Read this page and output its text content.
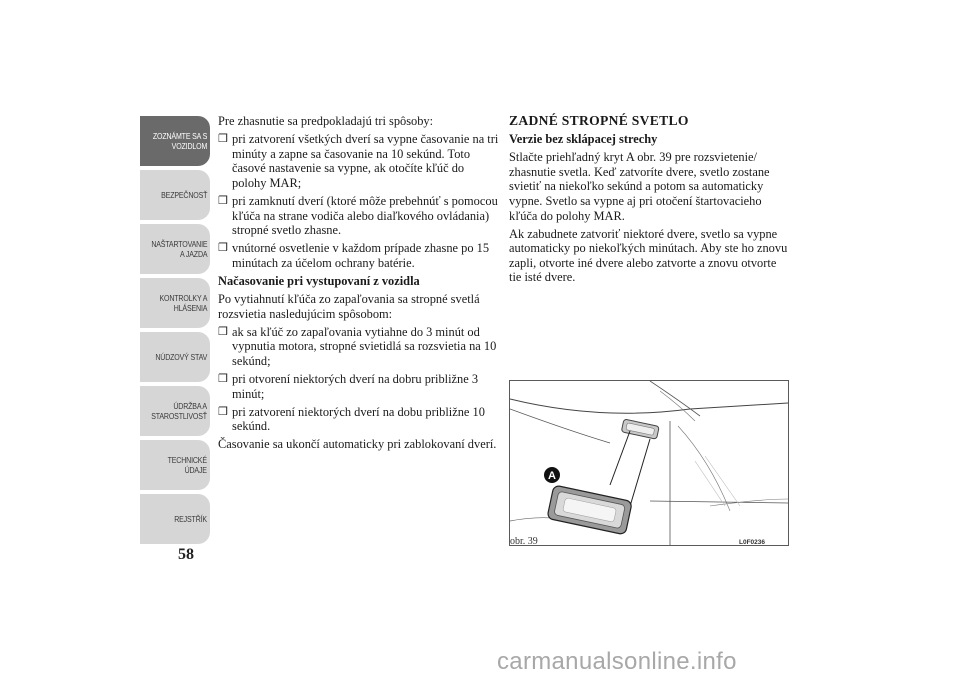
ZOZNÁMTE SA S
VOZIDLOM
BEZPEČNOSŤ
NAŠTARTOVANIE
A JAZDA
KONTROLKY A
HLÁSENIA
NÚDZOVÝ STAV
ÚDRŽBA A
STAROSTLIVOSŤ
TECHNICKÉ
ÚDAJE
REJSTŘÍK
58

Pre zhasnutie sa predpokladajú tri spôsoby:

❒ pri zatvorení všetkých dverí sa vypne časovanie na tri minúty a zapne sa časovanie na 10 sekúnd. Toto časové nastavenie sa vypne, ak otočíte kľúč do polohy MAR;

❒ pri zamknutí dverí (ktoré môže prebehnúť s pomocou kľúča na strane vodiča alebo diaľkového ovládania) stropné svetlo zhasne.

❒ vnútorné osvetlenie v každom prípade zhasne po 15 minútach za účelom ochrany batérie.

Načasovanie pri vystupovaní z vozidla

Po vytiahnutí kľúča zo zapaľovania sa stropné svetlá rozsvietia nasledujúcim spôsobom:

❒ ak sa kľúč zo zapaľovania vytiahne do 3 minút od vypnutia motora, stropné svietidlá sa rozsvietia na 10 sekúnd;

❒ pri otvorení niektorých dverí na dobru približne 3 minút;

❒ pri zatvorení niektorých dverí na dobu približne 10 sekúnd.

Časovanie sa ukončí automaticky pri zablokovaní dverí.

ZADNÉ STROPNÉ SVETLO

Verzie bez sklápacej strechy

Stlačte priehľadný kryt A obr. 39 pre rozsvietenie/ zhasnutie svetla. Keď zatvoríte dvere, svetlo zostane svietiť na niekoľko sekúnd a potom sa automaticky vypne. Svetlo sa vypne aj pri otočení štartovacieho kľúča do polohy MAR.

Ak zabudnete zatvoriť niektoré dvere, svetlo sa vypne automaticky po niekoľkých minútach. Aby ste ho znovu zapli, otvorte iné dvere alebo zatvorte a znovu otvorte tie isté dvere.

A
obr. 39	L0F0236
carmanualsonline.info
